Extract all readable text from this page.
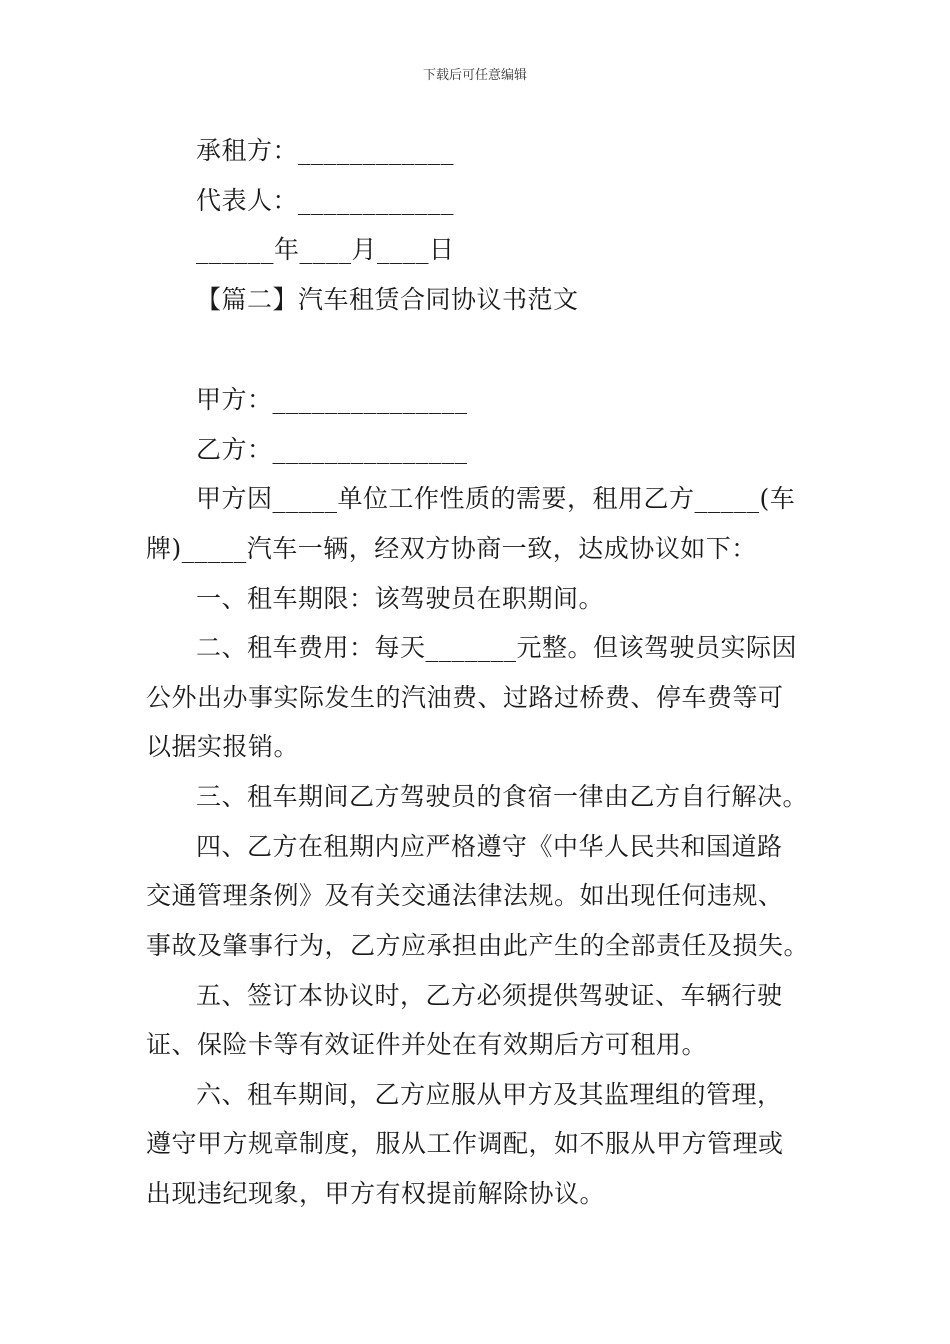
下载后可任意编辑
承租方：____________
代表人：____________
______年____月____日
【篇二】汽车租赁合同协议书范文
甲方：_______________
乙方：_______________
甲方因_____单位工作性质的需要，租用乙方_____(车
牌)_____汽车一辆，经双方协商一致，达成协议如下：
一、租车期限：该驾驶员在职期间。
二、租车费用：每天_______元整。但该驾驶员实际因
公外出办事实际发生的汽油费、过路过桥费、停车费等可
以据实报销。
三、租车期间乙方驾驶员的食宿一律由乙方自行解决。
四、乙方在租期内应严格遵守《中华人民共和国道路
交通管理条例》及有关交通法律法规。如出现任何违规、
事故及肇事行为，乙方应承担由此产生的全部责任及损失。
五、签订本协议时，乙方必须提供驾驶证、车辆行驶
证、保险卡等有效证件并处在有效期后方可租用。
六、租车期间，乙方应服从甲方及其监理组的管理，
遵守甲方规章制度，服从工作调配，如不服从甲方管理或
出现违纪现象，甲方有权提前解除协议。
